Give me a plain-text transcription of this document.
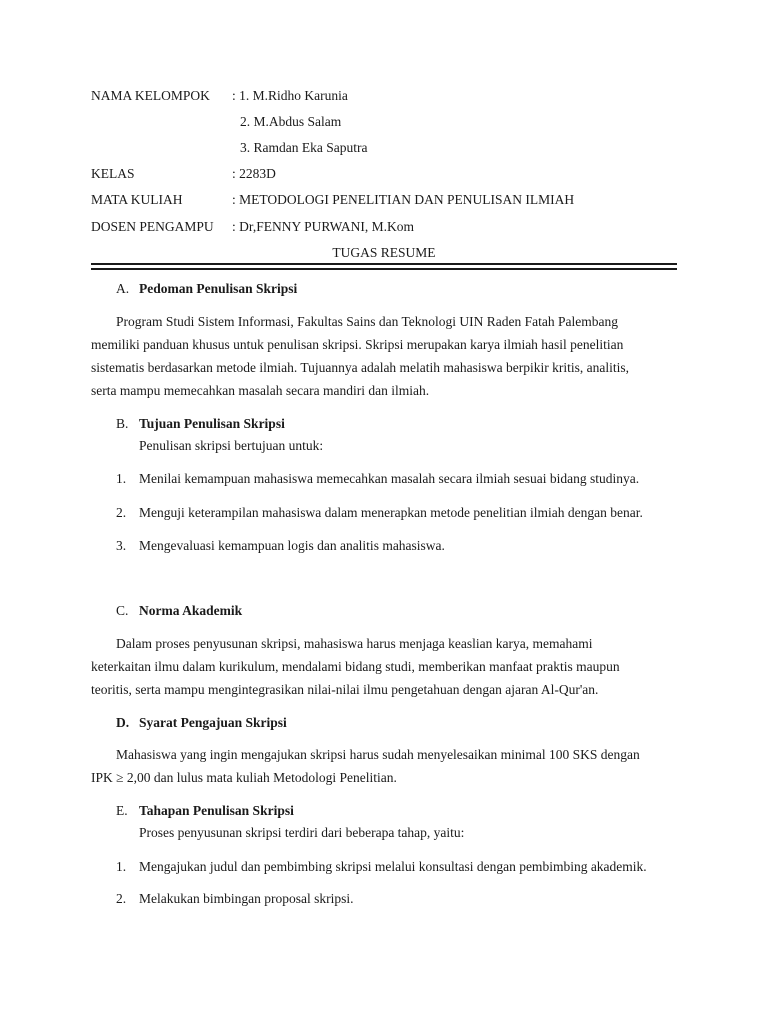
NAMA KELOMPOK : 1. M.Ridho Karunia
2. M.Abdus Salam
3. Ramdan Eka Saputra
KELAS	: 2283D
MATA KULIAH	: METODOLOGI PENELITIAN DAN PENULISAN ILMIAH
DOSEN PENGAMPU : Dr,FENNY PURWANI, M.Kom
TUGAS RESUME
A. Pedoman Penulisan Skripsi
Program Studi Sistem Informasi, Fakultas Sains dan Teknologi UIN Raden Fatah Palembang
memiliki panduan khusus untuk penulisan skripsi. Skripsi merupakan karya ilmiah hasil penelitian
sistematis berdasarkan metode ilmiah. Tujuannya adalah melatih mahasiswa berpikir kritis, analitis,
serta mampu memecahkan masalah secara mandiri dan ilmiah.
B. Tujuan Penulisan Skripsi
Penulisan skripsi bertujuan untuk:
1. Menilai kemampuan mahasiswa memecahkan masalah secara ilmiah sesuai bidang studinya.
2. Menguji keterampilan mahasiswa dalam menerapkan metode penelitian ilmiah dengan benar.
3. Mengevaluasi kemampuan logis dan analitis mahasiswa.
C. Norma Akademik
Dalam proses penyusunan skripsi, mahasiswa harus menjaga keaslian karya, memahami
keterkaitan ilmu dalam kurikulum, mendalami bidang studi, memberikan manfaat praktis maupun
teoritis, serta mampu mengintegrasikan nilai-nilai ilmu pengetahuan dengan ajaran Al-Qur'an.
D. Syarat Pengajuan Skripsi
Mahasiswa yang ingin mengajukan skripsi harus sudah menyelesaikan minimal 100 SKS dengan
IPK ≥ 2,00 dan lulus mata kuliah Metodologi Penelitian.
E. Tahapan Penulisan Skripsi
Proses penyusunan skripsi terdiri dari beberapa tahap, yaitu:
1. Mengajukan judul dan pembimbing skripsi melalui konsultasi dengan pembimbing akademik.
2. Melakukan bimbingan proposal skripsi.
